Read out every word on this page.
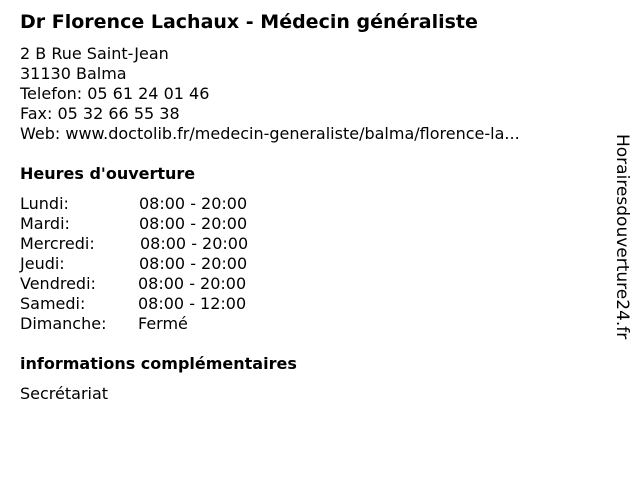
Dr Florence Lachaux - Médecin généraliste
2 B Rue Saint-Jean
31130 Balma
Telefon: 05 61 24 01 46
Fax: 05 32 66 55 38
Web: www.doctolib.fr/medecin-generaliste/balma/florence-la...
Heures d'ouverture
Lundi:	08:00 - 20:00
Mardi:	08:00 - 20:00
Mercredi:	08:00 - 20:00
Jeudi:	08:00 - 20:00
Vendredi:	08:00 - 20:00
Samedi:	08:00 - 12:00
Dimanche: Fermé
informations complémentaires
Secrétariat
Horairesdouverture24.fr
